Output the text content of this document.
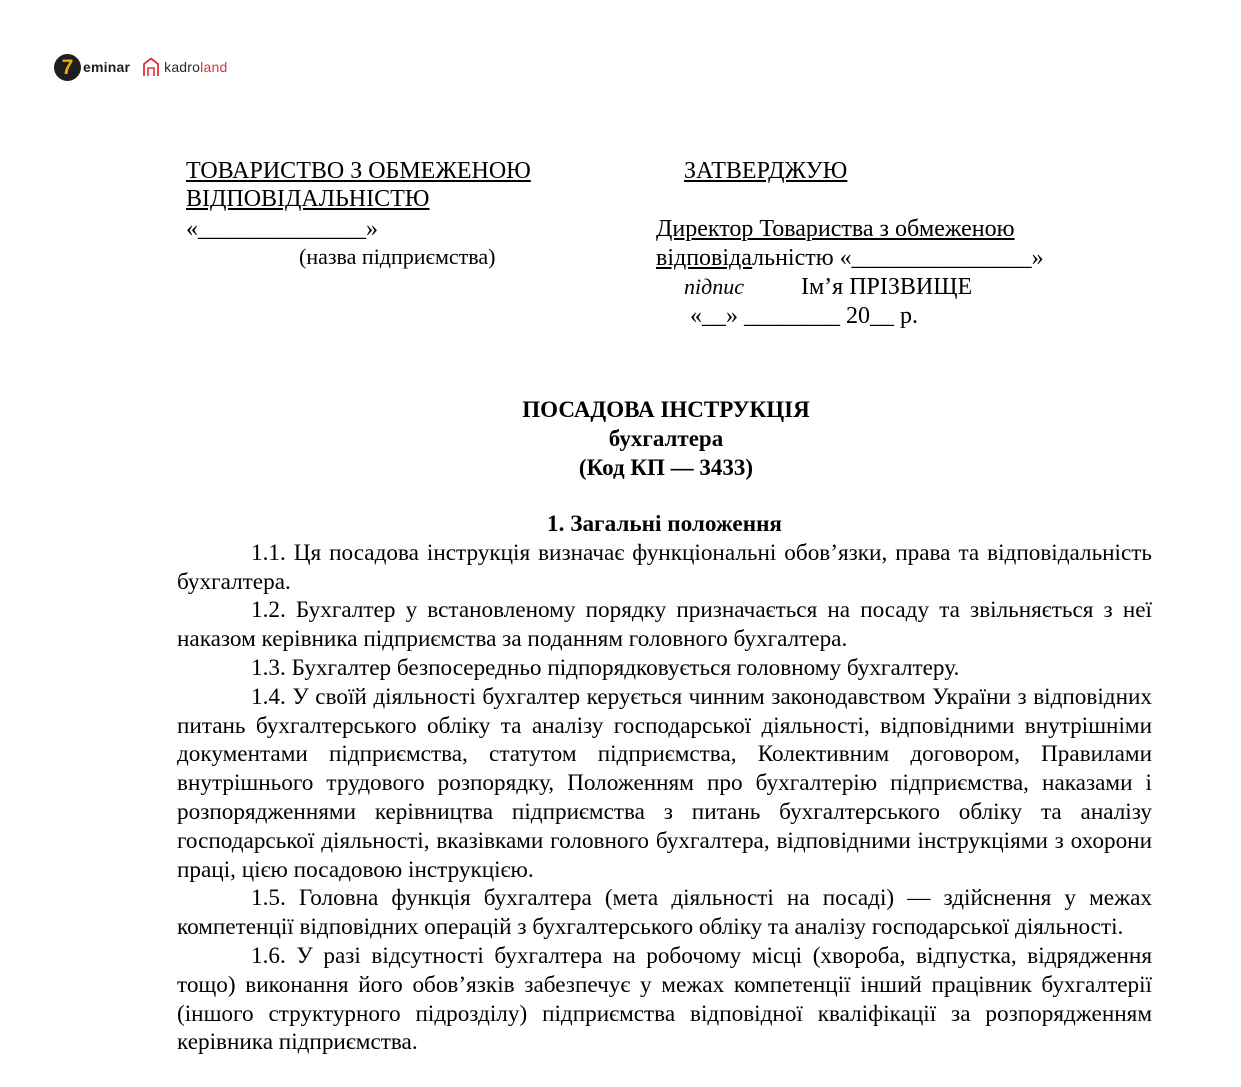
7 eminar kadroland
ТОВАРИСТВО З ОБМЕЖЕНОЮ
ВІДПОВІДАЛЬНІСТЮ
«______________»
(назва підприємства)
ЗАТВЕРДЖУЮ
Директор Товариства з обмеженою
відповідальністю «_______________»
підпис Ім’я ПРІЗВИЩЕ
«__» ________ 20__ р.
ПОСАДОВА ІНСТРУКЦІЯ
бухгалтера
(Код КП — 3433)

1. Загальні положення

1.1. Ця посадова інструкція визначає функціональні обов’язки, права та відповідальність бухгалтера.

1.2. Бухгалтер у встановленому порядку призначається на посаду та звільняється з неї наказом керівника підприємства за поданням головного бухгалтера.

1.3. Бухгалтер безпосередньо підпорядковується головному бухгалтеру.

1.4. У своїй діяльності бухгалтер керується чинним законодавством України з відповідних питань бухгалтерського обліку та аналізу господарської діяльності, відповідними внутрішніми документами підприємства, статутом підприємства, Колективним договором, Правилами внутрішнього трудового розпорядку, Положенням про бухгалтерію підприємства, наказами і розпорядженнями керівництва підприємства з питань бухгалтерського обліку та аналізу господарської діяльності, вказівками головного бухгалтера, відповідними інструкціями з охорони праці, цією посадовою інструкцією.

1.5. Головна функція бухгалтера (мета діяльності на посаді) — здійснення у межах компетенції відповідних операцій з бухгалтерського обліку та аналізу господарської діяльності.

1.6. У разі відсутності бухгалтера на робочому місці (хвороба, відпустка, відрядження тощо) виконання його обов’язків забезпечує у межах компетенції інший працівник бухгалтерії (іншого структурного підрозділу) підприємства відповідної кваліфікації за розпорядженням керівника підприємства.
